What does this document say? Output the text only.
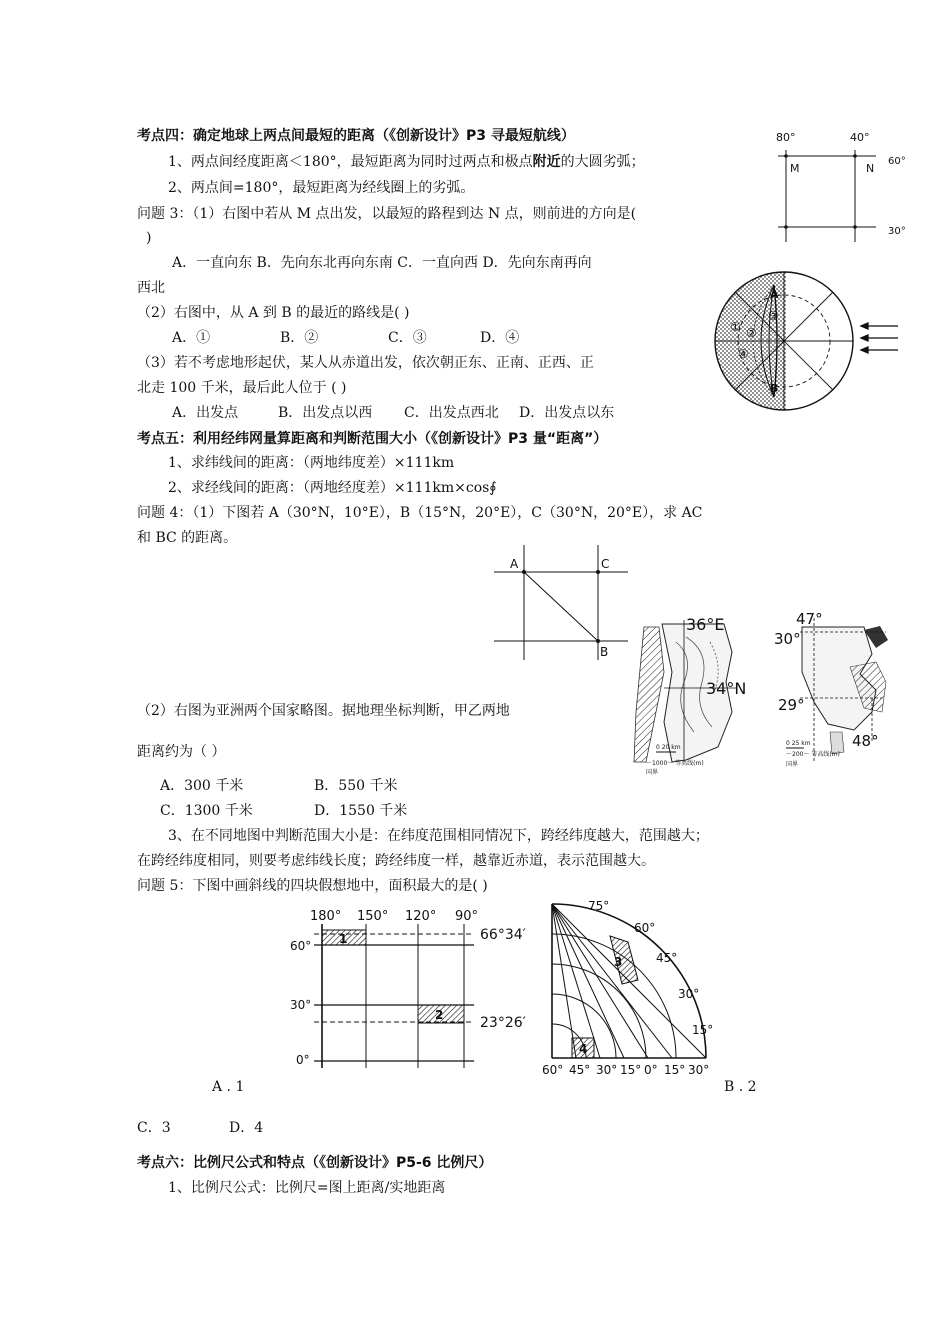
考点四：确定地球上两点间最短的距离（《创新设计》P3 寻最短航线）
1、两点间经度距离＜180°，最短距离为同时过两点和极点附近的大圆劣弧；
2、两点间=180°，最短距离为经线圈上的劣弧。
问题 3：（1）右图中若从 M 点出发，以最短的路程到达 N 点，则前进的方向是(
)
A．一直向东 B．先向东北再向东南 C．一直向西 D．先向东南再向
西北
（2）右图中，从 A 到 B 的最近的路线是( )
A．①	B．②	C．③	D．④
（3）若不考虑地形起伏，某人从赤道出发，依次朝正东、正南、正西、正
北走 100 千米，最后此人位于 ( )
A．出发点	B．出发点以西 C．出发点西北 D．出发点以东
80°	40°
60°
30°
M	N
A
B
① ②
③
④
考点五：利用经纬网量算距离和判断范围大小（《创新设计》P3 量“距离”）
1、求纬线间的距离：（两地纬度差）×111km
2、求经线间的距离：（两地经度差）×111km×cos∮
问题 4：（1）下图若 A（30°N，10°E），B（15°N，20°E），C（30°N，20°E），求 AC
和 BC 的距离。
A	C
B
36°E
34°N
0 20 km
～1000～ 等高线(m)
国界
47°
30°
29°
48°
0 25 km
～200～ 等高线(m)
国界
（2）右图为亚洲两个国家略图。据地理坐标判断，甲乙两地
距离约为（ ）
A．300 千米	B．550 千米
C．1300 千米	D．1550 千米
3、在不同地图中判断范围大小是：在纬度范围相同情况下，跨经纬度越大，范围越大；
在跨经纬度相同，则要考虑纬线长度；跨经纬度一样，越靠近赤道，表示范围越大。
问题 5：下图中画斜线的四块假想地中，面积最大的是( )
180° 150° 120° 90°
60°
30°
0°
66°34′
23°26′
1
2
3
4
75°
60°
45°
30°
15°
60° 45° 30° 15° 0° 15° 30°
A . 1	B . 2
C．3	D．4
考点六：比例尺公式和特点（《创新设计》P5-6 比例尺）
1、比例尺公式：比例尺=图上距离/实地距离
